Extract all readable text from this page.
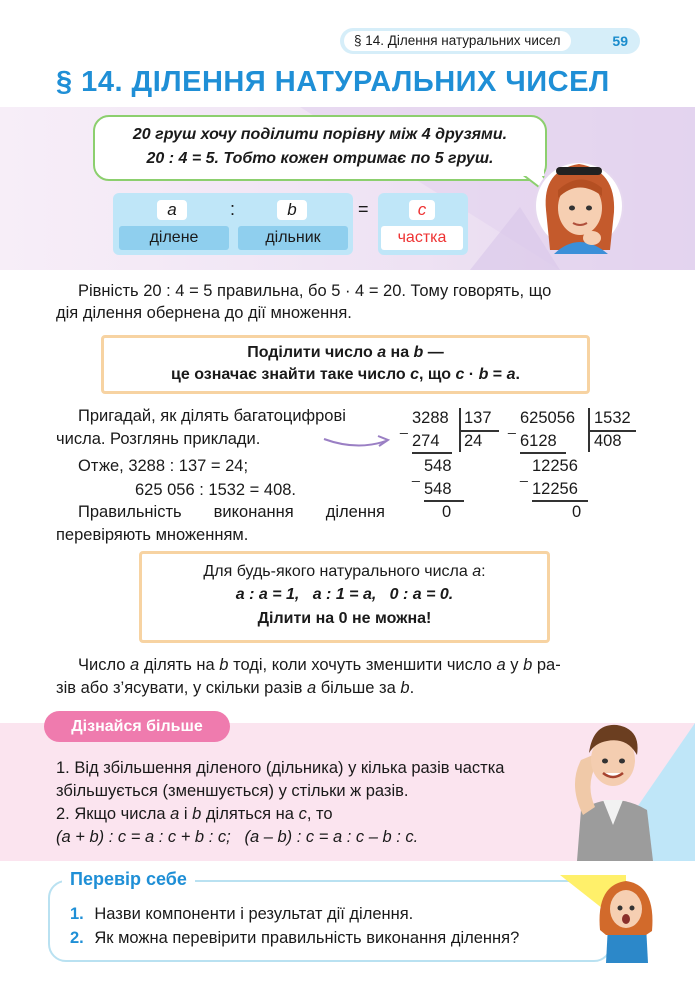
§ 14. Ділення натуральних чисел	59
§ 14. ДІЛЕННЯ НАТУРАЛЬНИХ ЧИСЕЛ
20 груш хочу поділити порівну між 4 друзями.
20 : 4 = 5. Тобто кожен отримає по 5 груш.
a	:	b	=	c
ділене	дільник	частка
Рівність 20 : 4 = 5 правильна, бо 5 · 4 = 20. Тому говорять, що
дія ділення обернена до дії множення.
Поділити число a на b —
це означає знайти таке число c, що c · b = a.
Пригадай, як ділять багатоцифрові
числа. Розглянь приклади.
Отже, 3288 : 137 = 24;
625 056 : 1532 = 408.
Правильність виконання ділення
перевіряють множенням.
_ 3288 137
274 24
_ 548
548
0
_ 625056 1532
6128 408
_ 12256
12256
0
Для будь-якого натурального числа a:
a : a = 1,   a : 1 = a,   0 : a = 0.
Ділити на 0 не можна!
Число a ділять на b тоді, коли хочуть зменшити число a у b ра-
зів або з’ясувати, у скільки разів a більше за b.
Дізнайся більше
1. Від збільшення діленого (дільника) у кілька разів частка
збільшується (зменшується) у стільки ж разів.
2. Якщо числа a і b діляться на c, то
(a + b) : c = a : c + b : c;   (a – b) : c = a : c – b : c.
Перевір себе
1. Назви компоненти і результат дії ділення.
2. Як можна перевірити правильність виконання ділення?
